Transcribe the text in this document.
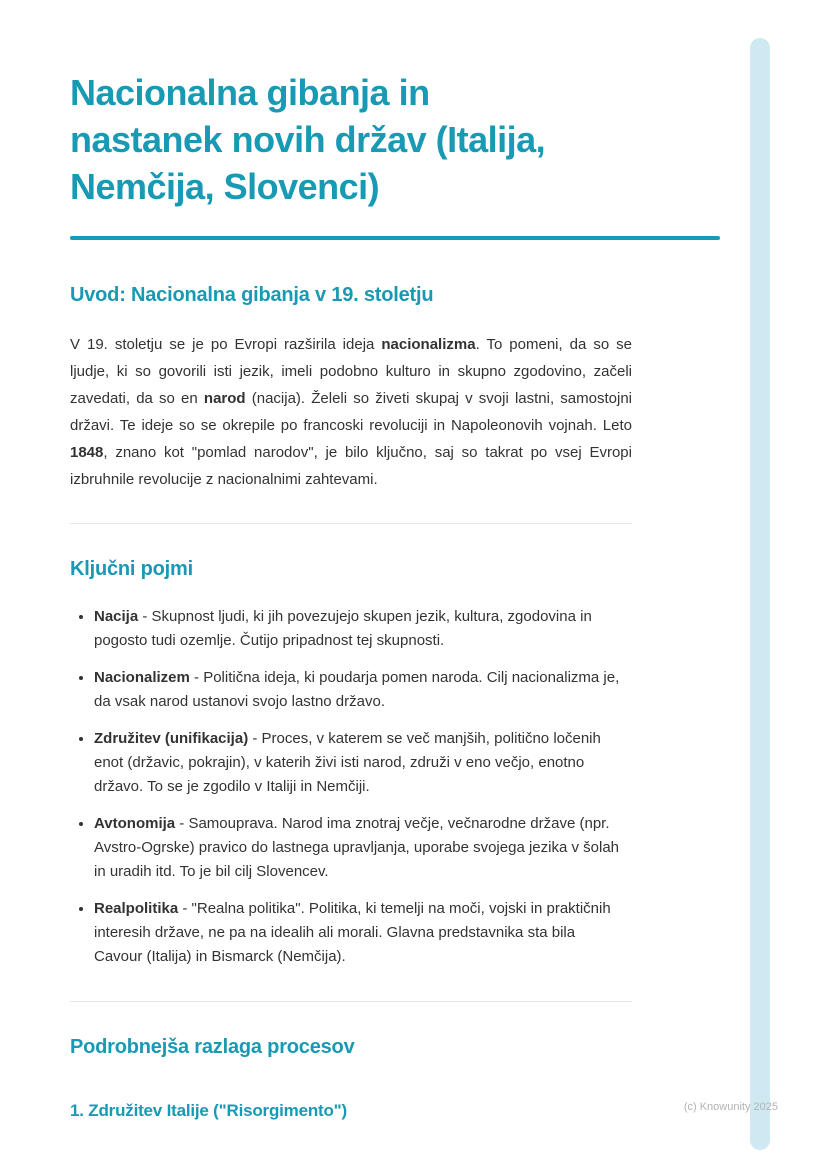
Nacionalna gibanja in
nastanek novih držav (Italija,
Nemčija, Slovenci)
Uvod: Nacionalna gibanja v 19. stoletju

V 19. stoletju se je po Evropi razširila ideja nacionalizma. To pomeni, da so se ljudje, ki so govorili isti jezik, imeli podobno kulturo in skupno zgodovino, začeli zavedati, da so en narod (nacija). Želeli so živeti skupaj v svoji lastni, samostojni državi. Te ideje so se okrepile po francoski revoluciji in Napoleonovih vojnah. Leto 1848, znano kot "pomlad narodov", je bilo ključno, saj so takrat po vsej Evropi izbruhnile revolucije z nacionalnimi zahtevami.

Ključni pojmi
• Nacija - Skupnost ljudi, ki jih povezujejo skupen jezik, kultura, zgodovina in pogosto tudi ozemlje. Čutijo pripadnost tej skupnosti.
• Nacionalizem - Politična ideja, ki poudarja pomen naroda. Cilj nacionalizma je, da vsak narod ustanovi svojo lastno državo.
• Združitev (unifikacija) - Proces, v katerem se več manjših, politično ločenih enot (državic, pokrajin), v katerih živi isti narod, združi v eno večjo, enotno državo. To se je zgodilo v Italiji in Nemčiji.
• Avtonomija - Samouprava. Narod ima znotraj večje, večnarodne države (npr. Avstro-Ogrske) pravico do lastnega upravljanja, uporabe svojega jezika v šolah in uradih itd. To je bil cilj Slovencev.
• Realpolitika - "Realna politika". Politika, ki temelji na moči, vojski in praktičnih interesih države, ne pa na idealih ali morali. Glavna predstavnika sta bila Cavour (Italija) in Bismarck (Nemčija).
Podrobnejša razlaga procesov
1. Združitev Italije ("Risorgimento")	(c) Knowunity 2025
